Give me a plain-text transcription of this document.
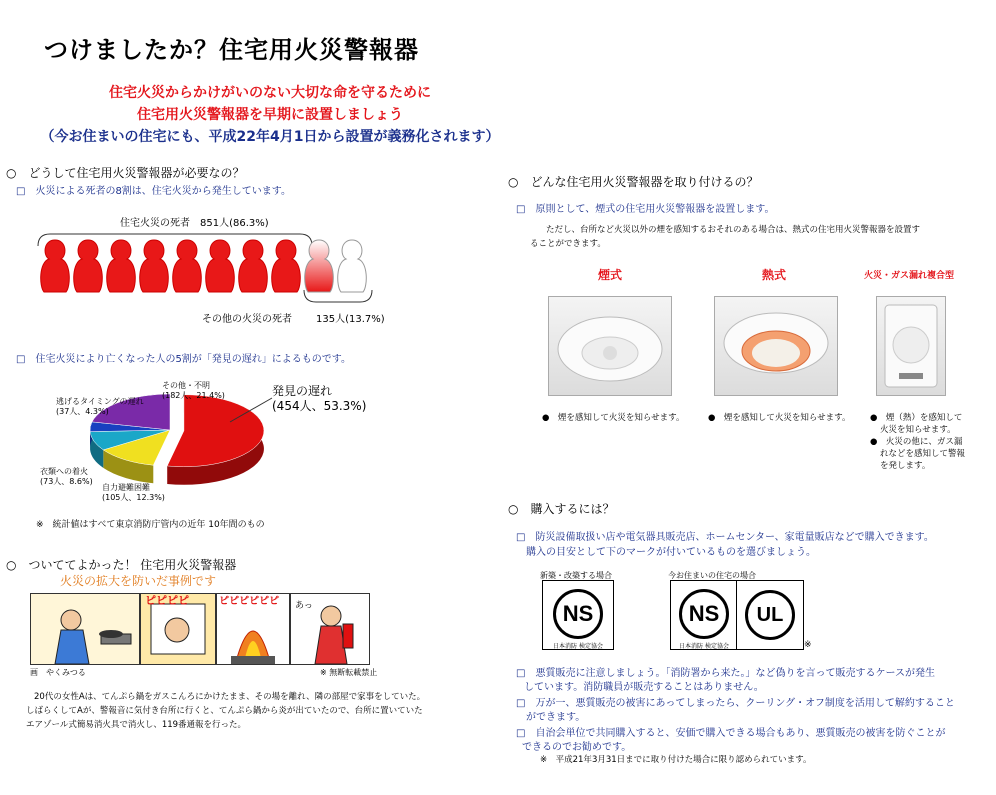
つけましたか？住宅用火災警報器
住宅火災からかけがいのない大切な命を守るために
住宅用火災警報器を早期に設置しましょう
（今お住まいの住宅にも、平成22年4月1日から設置が義務化されます）
○　どうして住宅用火災警報器が必要なの？
□　火災による死者の8割は、住宅火災から発生しています。
住宅火災の死者　851人(86.3%)
その他の火災の死者 135人(13.7%)
□　住宅火災により亡くなった人の5割が「発見の遅れ」によるものです。
発見の遅れ
(454人、53.3%)
その他・不明
(182人、21.4%)
逃げるタイミングの遅れ
(37人、4.3%)
衣類への着火
(73人、8.6%)
自力避難困難
(105人、12.3%)
※　統計値はすべて東京消防庁管内の近年 10年間のもの
○　ついててよかった！ 住宅用火災警報器
火災の拡大を防いだ事例です
ピピピピ	ピピピピピピ あっ
画　やくみつる	※ 無断転載禁止
20代の女性Aは、てんぷら鍋をガスこんろにかけたまま、その場を離れ、隣の部屋で家事をしていた。
しばらくしてAが、警報音に気付き台所に行くと、てんぷら鍋から炎が出ていたので、台所に置いていた
エアゾール式簡易消火具で消火し、119番通報を行った。
○　どんな住宅用火災警報器を取り付けるの？
□　原則として、煙式の住宅用火災警報器を設置します。
ただし、台所など火災以外の煙を感知するおそれのある場合は、熱式の住宅用火災警報器を設置す
ることができます。
煙式	熱式	火災・ガス漏れ複合型
●　煙を感知して火災を知らせます。	●　煙を感知して火災を知らせます。 ●　煙（熱）を感知して
火災を知らせます。
●　火災の他に、ガス漏
れなどを感知して警報
を発します。
○　購入するには？
□　防災設備取扱い店や電気器具販売店、ホームセンター、家電量販店などで購入できます。
購入の目安として下のマークが付いているものを選びましょう。
新築・改築する場合	今お住まいの住宅の場合
NS
日本消防 検定協会
NS
日本消防 検定協会
UL
※
□　悪質販売に注意しましょう。「消防署から来た。」など偽りを言って販売するケースが発生
しています。消防職員が販売することはありません。
□　万が一、悪質販売の被害にあってしまったら、クーリング・オフ制度を活用して解約すること
ができます。
□　自治会単位で共同購入すると、安価で購入できる場合もあり、悪質販売の被害を防ぐことが
できるのでお勧めです。
※　平成21年3月31日までに取り付けた場合に限り認められています。
